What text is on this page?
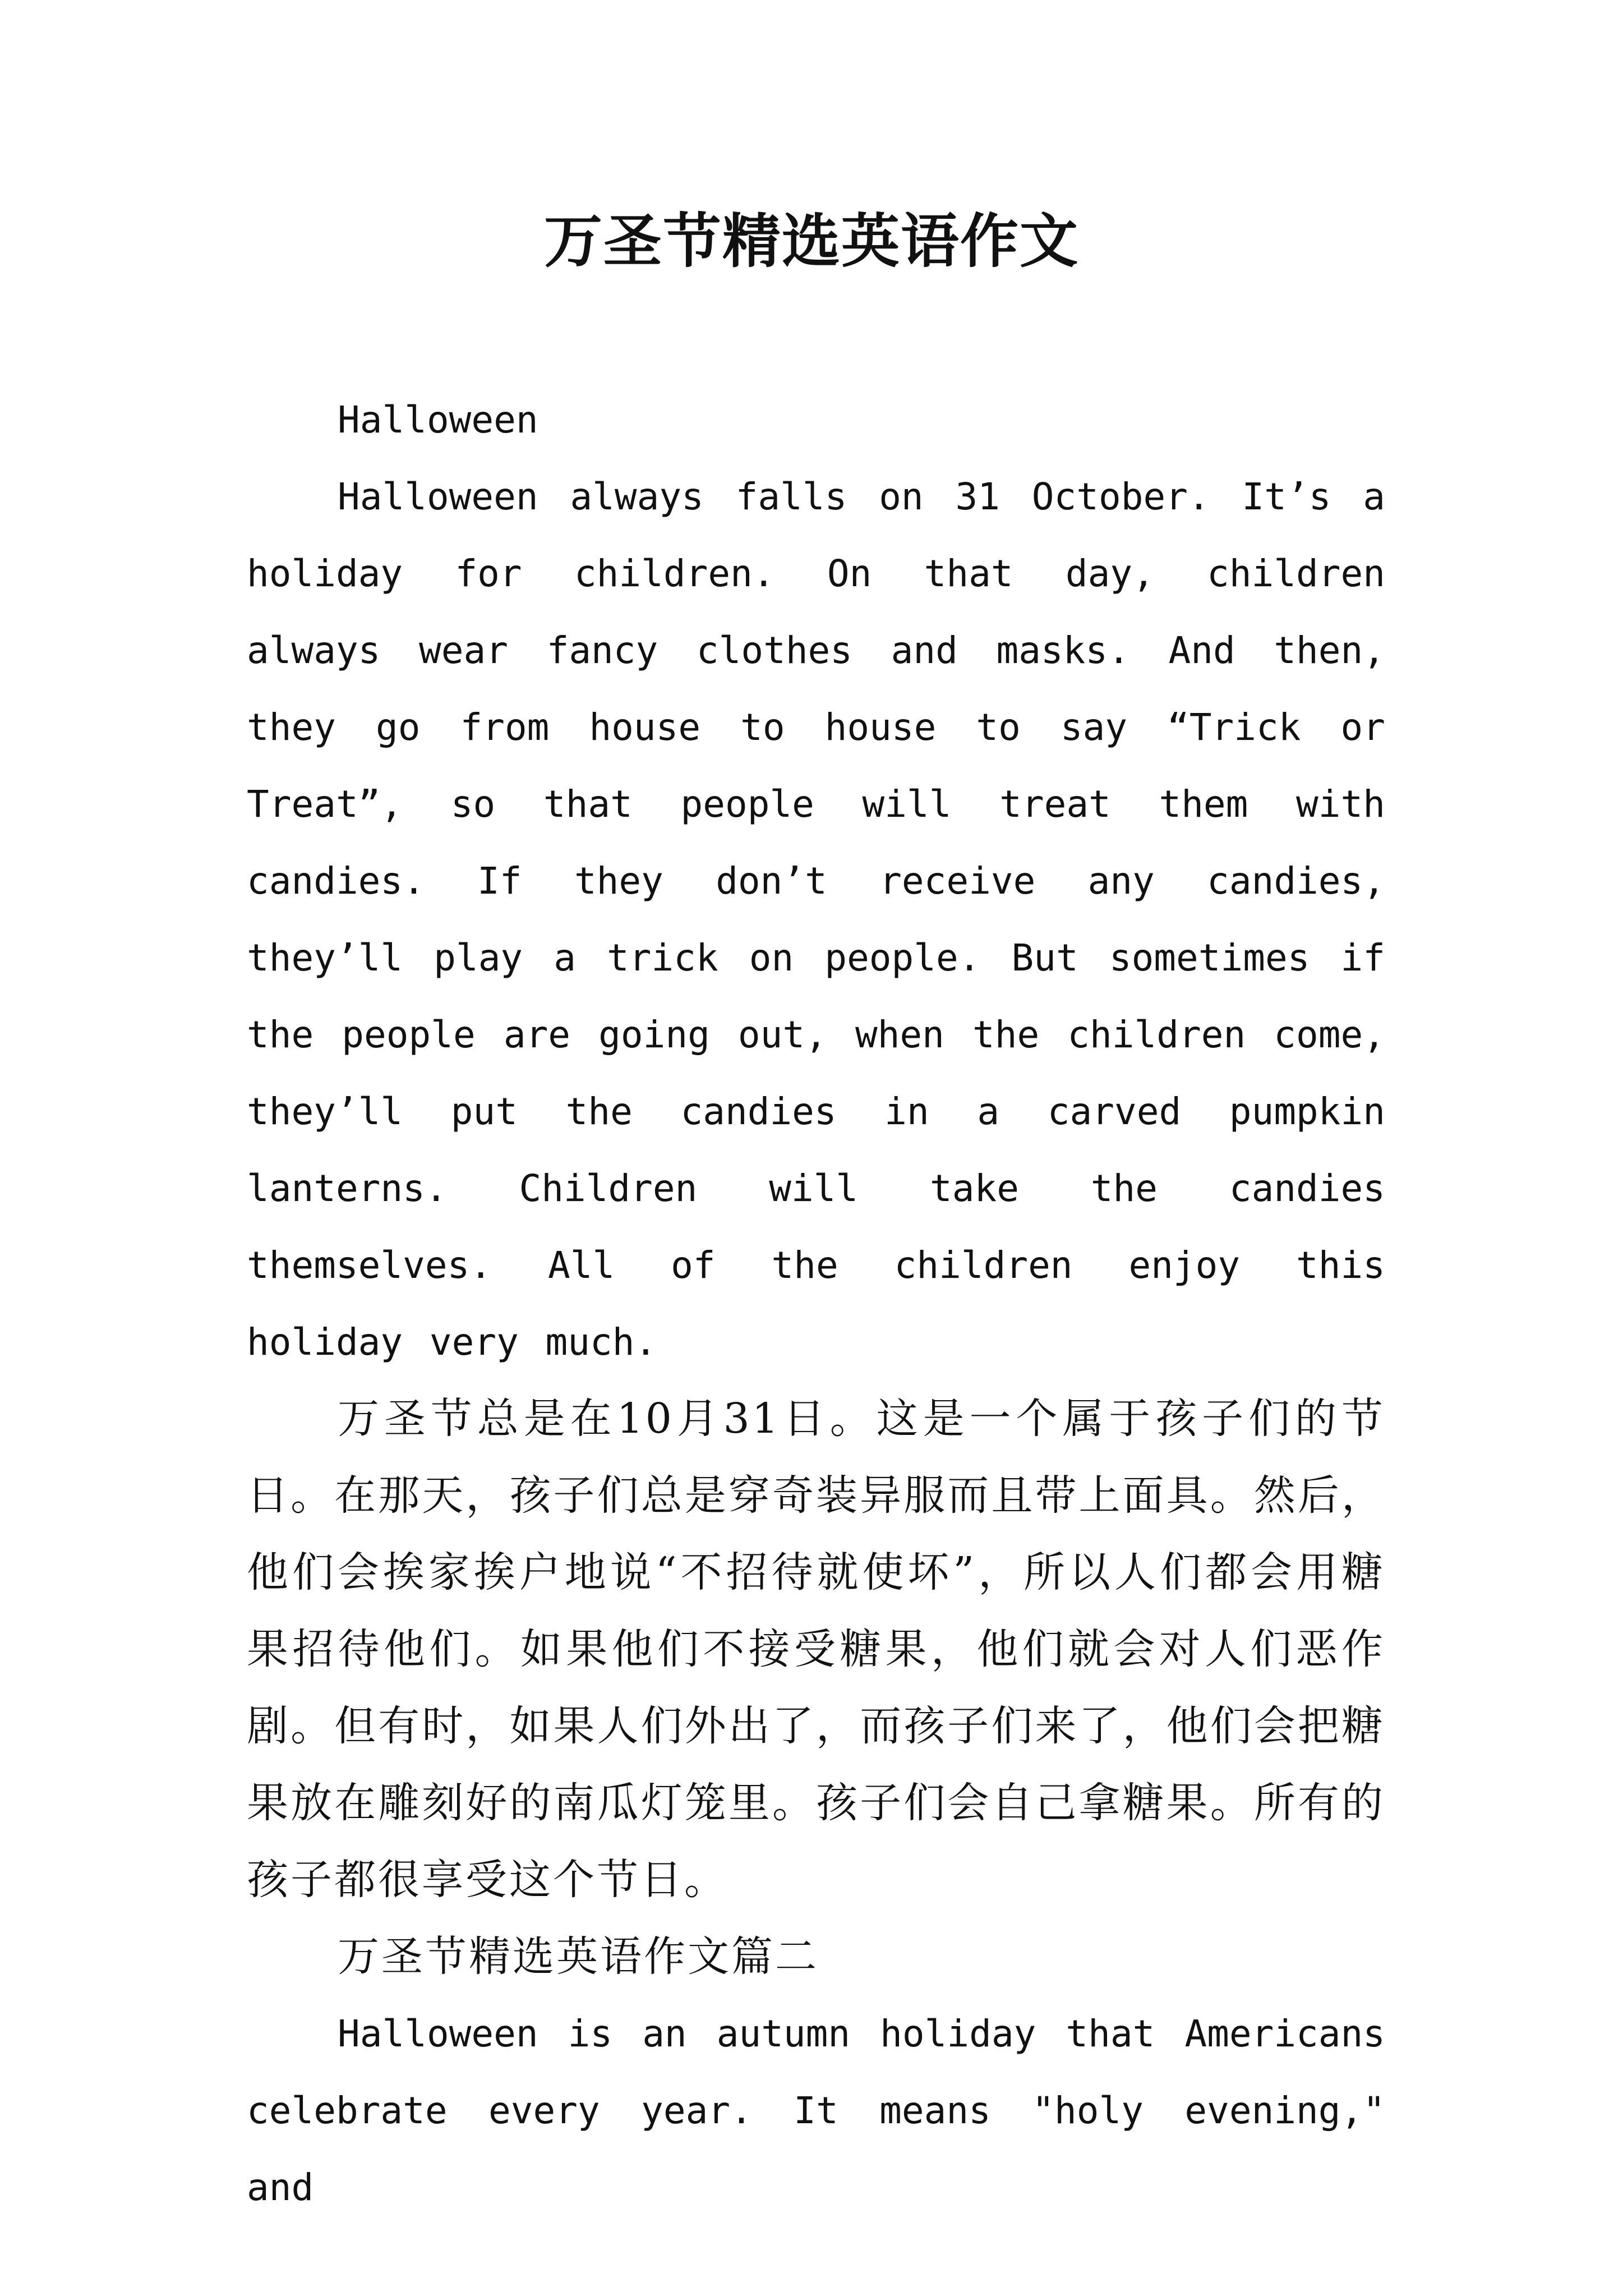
万圣节精选英语作文

Halloween

Halloween always falls on 31 October. It’s a holiday for children. On that day, children always wear fancy clothes and masks. And then, they go from house to house to say “Trick or Treat”, so that people will treat them with candies. If they don’t receive any candies, they’ll play a trick on people. But sometimes if the people are going out, when the children come, they’ll put the candies in a carved pumpkin lanterns. Children will take the candies themselves. All of the children enjoy this holiday very much.

万圣节总是在10月31日。这是一个属于孩子们的节日。在那天，孩子们总是穿奇装异服而且带上面具。然后，他们会挨家挨户地说“不招待就使坏”，所以人们都会用糖果招待他们。如果他们不接受糖果，他们就会对人们恶作剧。但有时，如果人们外出了，而孩子们来了，他们会把糖果放在雕刻好的南瓜灯笼里。孩子们会自己拿糖果。所有的孩子都很享受这个节日。

万圣节精选英语作文篇二

Halloween is an autumn holiday that Americans celebrate every year. It means "holy evening," and
